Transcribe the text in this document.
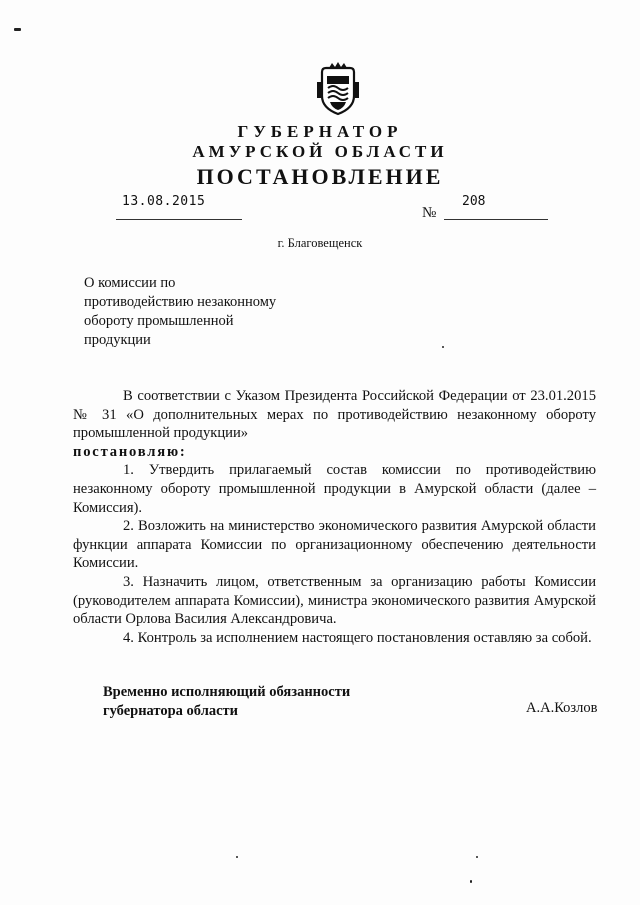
ГУБЕРНАТОР
АМУРСКОЙ ОБЛАСТИ
ПОСТАНОВЛЕНИЕ
13.08.2015
№
208
г. Благовещенск
О комиссии по
противодействию незаконному
обороту промышленной
продукции

В соответствии с Указом Президента Российской Федерации от 23.01.2015 № 31 «О дополнительных мерах по противодействию незаконному обороту промышленной продукции»

постановляю:

1. Утвердить прилагаемый состав комиссии по противодействию незаконному обороту промышленной продукции в Амурской области (далее – Комиссия).

2. Возложить на министерство экономического развития Амурской области функции аппарата Комиссии по организационному обеспечению деятельности Комиссии.

3. Назначить лицом, ответственным за организацию работы Комиссии (руководителем аппарата Комиссии), министра экономического развития Амурской области Орлова Василия Александровича.

4. Контроль за исполнением настоящего постановления оставляю за собой.

Временно исполняющий обязанности
губернатора области	А.А.Козлов
